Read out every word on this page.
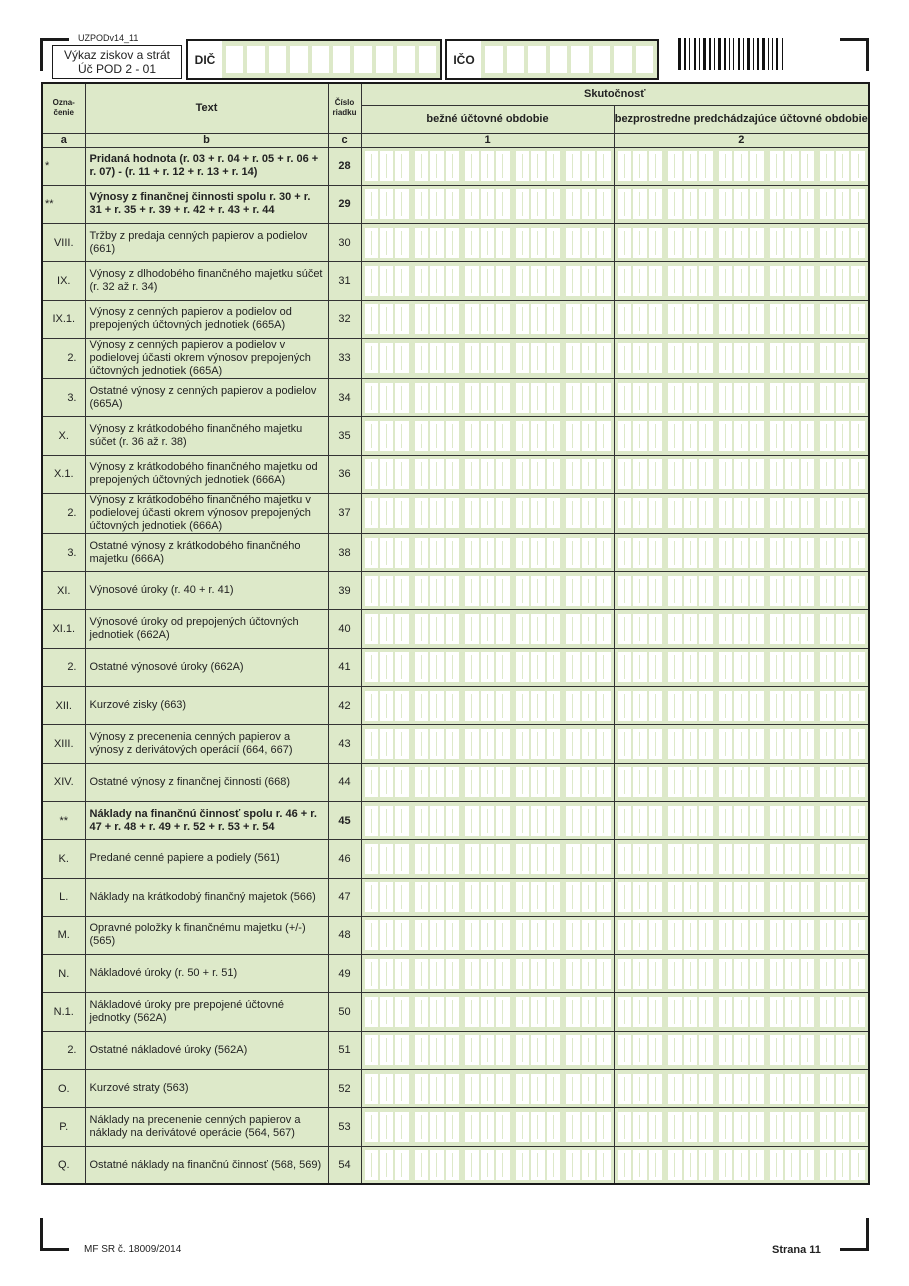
UZPODv14_11
Výkaz ziskov a strát
Úč POD 2 - 01
DIČ	IČO
Ozna-čenie	Text	Číslo riadku	Skutočnosť	
			bežné účtovné obdobie	bezprostredne predchádzajúce účtovné obdobie
a	b	c	1	2
*	Pridaná hodnota (r. 03 + r. 04 + r. 05 + r. 06 + r. 07) - (r. 11 + r. 12 + r. 13 + r. 14)	28	

**	Výnosy z finančnej činnosti spolu r. 30 + r. 31 + r. 35 + r. 39 + r. 42 + r. 43 + r. 44	29	

VIII.	Tržby z predaja cenných papierov a podielov (661)	30	

IX.	Výnosy z dlhodobého finančného majetku súčet (r. 32 až r. 34)	31	

IX.1.	Výnosy z cenných papierov a podielov od prepojených účtovných jednotiek (665A)	32	

2.	Výnosy z cenných papierov a podielov v podielovej účasti okrem výnosov prepojených účtovných jednotiek (665A)	33	

3.	Ostatné výnosy z cenných papierov a podielov (665A)	34	

X.	Výnosy z krátkodobého finančného majetku súčet (r. 36 až r. 38)	35	

X.1.	Výnosy z krátkodobého finančného majetku od prepojených účtovných jednotiek (666A)	36	

2.	Výnosy z krátkodobého finančného majetku v podielovej účasti okrem výnosov prepojených účtovných jednotiek (666A)	37	

3.	Ostatné výnosy z krátkodobého finančného majetku (666A)	38	

XI.	Výnosové úroky (r. 40 + r. 41)	39	

XI.1.	Výnosové úroky od prepojených účtovných jednotiek (662A)	40	

2.	Ostatné výnosové úroky (662A)	41	

XII.	Kurzové zisky (663)	42	

XIII.	Výnosy z precenenia cenných papierov a výnosy z derivátových operácií (664, 667)	43	

XIV.	Ostatné výnosy z finančnej činnosti (668)	44	

**	Náklady na finančnú činnosť spolu r. 46 + r. 47 + r. 48 + r. 49 + r. 52 + r. 53 + r. 54	45	

K.	Predané cenné papiere a podiely (561)	46	

L.	Náklady na krátkodobý finančný majetok (566)	47	

M.	Opravné položky k finančnému majetku (+/-) (565)	48	

N.	Nákladové úroky (r. 50 + r. 51)	49	

N.1.	Nákladové úroky pre prepojené účtovné jednotky (562A)	50	

2.	Ostatné nákladové úroky (562A)	51	

O.	Kurzové straty (563)	52	

P.	Náklady na precenenie cenných papierov a náklady na derivátové operácie (564, 567)	53	

Q.	Ostatné náklady na finančnú činnosť (568, 569)	54	

MF SR č. 18009/2014	Strana 11
